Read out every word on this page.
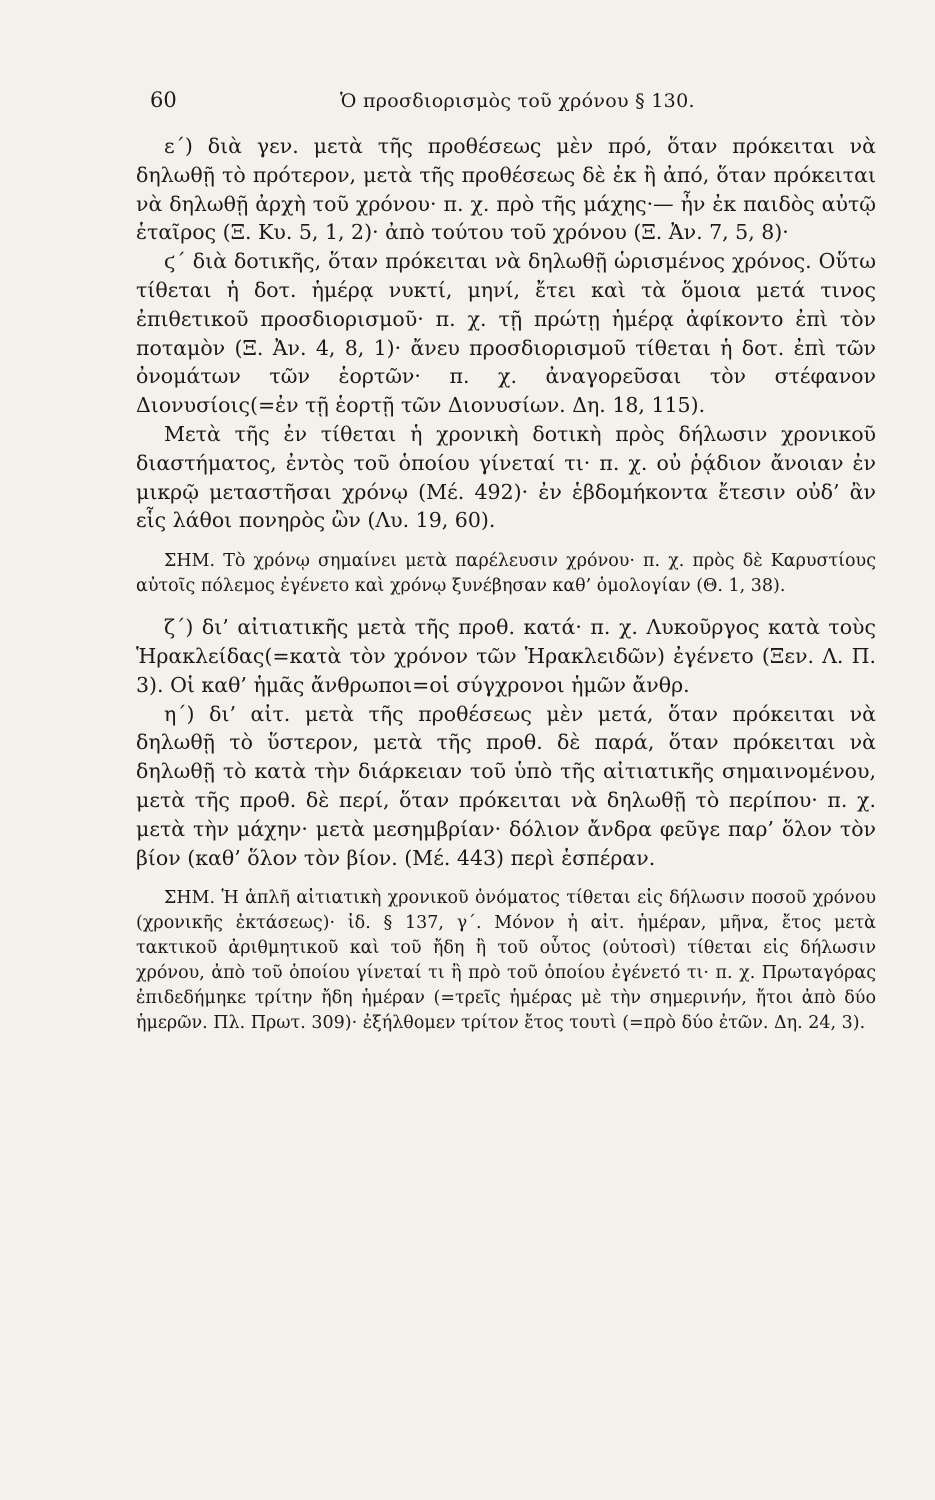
60	Ὁ προσδιορισμὸς τοῦ χρόνου § 130.

ε΄) διὰ γεν. μετὰ τῆς προθέσεως μὲν πρό, ὅταν πρόκειται νὰ δηλωθῇ τὸ πρότερον, μετὰ τῆς προθέσεως δὲ ἐκ ἢ ἀπό, ὅταν πρόκειται νὰ δηλωθῇ ἀρχὴ τοῦ χρόνου· π. χ. πρὸ τῆς μάχης·— ἦν ἐκ παιδὸς αὐτῷ ἑταῖρος (Ξ. Κυ. 5, 1, 2)· ἀπὸ τούτου τοῦ χρόνου (Ξ. Ἀν. 7, 5, 8)·

ϛ΄ διὰ δοτικῆς, ὅταν πρόκειται νὰ δηλωθῇ ὡρισμένος χρόνος. Οὕτω τίθεται ἡ δοτ. ἡμέρᾳ νυκτί, μηνί, ἔτει καὶ τὰ ὅμοια μετά τινος ἐπιθετικοῦ προσδιορισμοῦ· π. χ. τῇ πρώτῃ ἡμέρᾳ ἀφίκοντο ἐπὶ τὸν ποταμὸν (Ξ. Ἀν. 4, 8, 1)· ἄνευ προσδιορισμοῦ τίθεται ἡ δοτ. ἐπὶ τῶν ὀνομάτων τῶν ἑορτῶν· π. χ. ἀναγορεῦσαι τὸν στέφανον Διονυσίοις(=ἐν τῇ ἑορτῇ τῶν Διονυσίων. Δη. 18, 115).

Μετὰ τῆς ἐν τίθεται ἡ χρονικὴ δοτικὴ πρὸς δήλωσιν χρονικοῦ διαστήματος, ἐντὸς τοῦ ὁποίου γίνεταί τι· π. χ. οὐ ῥᾴδιον ἄνοιαν ἐν μικρῷ μεταστῆσαι χρόνῳ (Μέ. 492)· ἐν ἑβδομήκοντα ἔτεσιν οὐδ’ ἂν εἷς λάθοι πονηρὸς ὢν (Λυ. 19, 60).

ΣΗΜ. Τὸ χρόνῳ σημαίνει μετὰ παρέλευσιν χρόνου· π. χ. πρὸς δὲ Καρυστίους αὐτοῖς πόλεμος ἐγένετο καὶ χρόνῳ ξυνέβησαν καθ’ ὁμολογίαν (Θ. 1, 38).

ζ΄) δι’ αἰτιατικῆς μετὰ τῆς προθ. κατά· π. χ. Λυκοῦργος κατὰ τοὺς Ἡρακλείδας(=κατὰ τὸν χρόνον τῶν Ἡρακλειδῶν) ἐγένετο (Ξεν. Λ. Π. 3). Οἱ καθ’ ἡμᾶς ἄνθρωποι=οἱ σύγχρονοι ἡμῶν ἄνθρ.

η΄) δι’ αἰτ. μετὰ τῆς προθέσεως μὲν μετά, ὅταν πρόκειται νὰ δηλωθῇ τὸ ὕστερον, μετὰ τῆς προθ. δὲ παρά, ὅταν πρόκειται νὰ δηλωθῇ τὸ κατὰ τὴν διάρκειαν τοῦ ὑπὸ τῆς αἰτιατικῆς σημαινομένου, μετὰ τῆς προθ. δὲ περί, ὅταν πρόκειται νὰ δηλωθῇ τὸ περίπου· π. χ. μετὰ τὴν μάχην· μετὰ μεσημβρίαν· δόλιον ἄνδρα φεῦγε παρ’ ὅλον τὸν βίον (καθ’ ὅλον τὸν βίον. (Μέ. 443) περὶ ἑσπέραν.

ΣΗΜ. Ἡ ἁπλῆ αἰτιατικὴ χρονικοῦ ὀνόματος τίθεται εἰς δήλωσιν ποσοῦ χρόνου (χρονικῆς ἐκτάσεως)· ἰδ. § 137, γ΄. Μόνον ἡ αἰτ. ἡμέραν, μῆνα, ἔτος μετὰ τακτικοῦ ἀριθμητικοῦ καὶ τοῦ ἤδη ἢ τοῦ οὗτος (οὑτοσὶ) τίθεται εἰς δήλωσιν χρόνου, ἀπὸ τοῦ ὁποίου γίνεταί τι ἢ πρὸ τοῦ ὁποίου ἐγένετό τι· π. χ. Πρωταγόρας ἐπιδεδήμηκε τρίτην ἤδη ἡμέραν (=τρεῖς ἡμέρας μὲ τὴν σημερινήν, ἤτοι ἀπὸ δύο ἡμερῶν. Πλ. Πρωτ. 309)· ἐξήλθομεν τρίτον ἔτος τουτὶ (=πρὸ δύο ἐτῶν. Δη. 24, 3).
